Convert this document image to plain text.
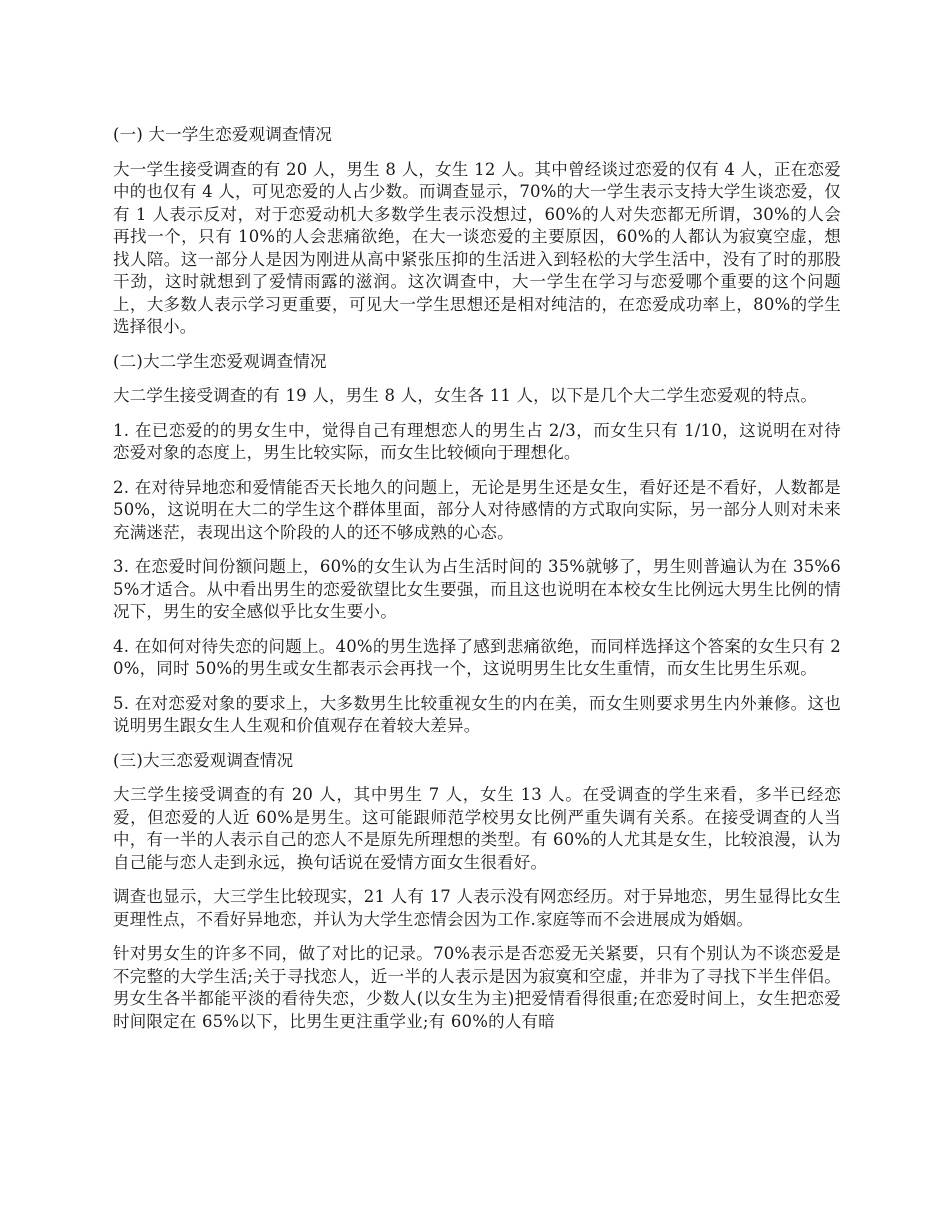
(一) 大一学生恋爱观调查情况

大一学生接受调查的有 20 人，男生 8 人，女生 12 人。其中曾经谈过恋爱的仅有 4 人，正在恋爱中的也仅有 4 人，可见恋爱的人占少数。而调查显示，70%的大一学生表示支持大学生谈恋爱，仅有 1 人表示反对，对于恋爱动机大多数学生表示没想过，60%的人对失恋都无所谓，30%的人会再找一个，只有 10%的人会悲痛欲绝，在大一谈恋爱的主要原因，60%的人都认为寂寞空虚，想找人陪。这一部分人是因为刚进从高中紧张压抑的生活进入到轻松的大学生活中，没有了时的那股干劲，这时就想到了爱情雨露的滋润。这次调查中，大一学生在学习与恋爱哪个重要的这个问题上，大多数人表示学习更重要，可见大一学生思想还是相对纯洁的，在恋爱成功率上，80%的学生选择很小。

(二)大二学生恋爱观调查情况

大二学生接受调查的有 19 人，男生 8 人，女生各 11 人，以下是几个大二学生恋爱观的特点。

1. 在已恋爱的的男女生中，觉得自己有理想恋人的男生占 2/3，而女生只有 1/10，这说明在对待恋爱对象的态度上，男生比较实际，而女生比较倾向于理想化。

2. 在对待异地恋和爱情能否天长地久的问题上，无论是男生还是女生，看好还是不看好，人数都是 50%，这说明在大二的学生这个群体里面，部分人对待感情的方式取向实际，另一部分人则对未来充满迷茫，表现出这个阶段的人的还不够成熟的心态。

3. 在恋爱时间份额问题上，60%的女生认为占生活时间的 35%就够了，男生则普遍认为在 35%65%才适合。从中看出男生的恋爱欲望比女生要强，而且这也说明在本校女生比例远大男生比例的情况下，男生的安全感似乎比女生要小。

4. 在如何对待失恋的问题上。40%的男生选择了感到悲痛欲绝，而同样选择这个答案的女生只有 20%，同时 50%的男生或女生都表示会再找一个，这说明男生比女生重情，而女生比男生乐观。

5. 在对恋爱对象的要求上，大多数男生比较重视女生的内在美，而女生则要求男生内外兼修。这也说明男生跟女生人生观和价值观存在着较大差异。

(三)大三恋爱观调查情况

大三学生接受调查的有 20 人，其中男生 7 人，女生 13 人。在受调查的学生来看，多半已经恋爱，但恋爱的人近 60%是男生。这可能跟师范学校男女比例严重失调有关系。在接受调查的人当中，有一半的人表示自己的恋人不是原先所理想的类型。有 60%的人尤其是女生，比较浪漫，认为自己能与恋人走到永远，换句话说在爱情方面女生很看好。

调查也显示，大三学生比较现实，21 人有 17 人表示没有网恋经历。对于异地恋，男生显得比女生更理性点，不看好异地恋，并认为大学生恋情会因为工作.家庭等而不会进展成为婚姻。

针对男女生的许多不同，做了对比的记录。70%表示是否恋爱无关紧要，只有个别认为不谈恋爱是不完整的大学生活;关于寻找恋人，近一半的人表示是因为寂寞和空虚，并非为了寻找下半生伴侣。男女生各半都能平淡的看待失恋，少数人(以女生为主)把爱情看得很重;在恋爱时间上，女生把恋爱时间限定在 65%以下，比男生更注重学业;有 60%的人有暗
